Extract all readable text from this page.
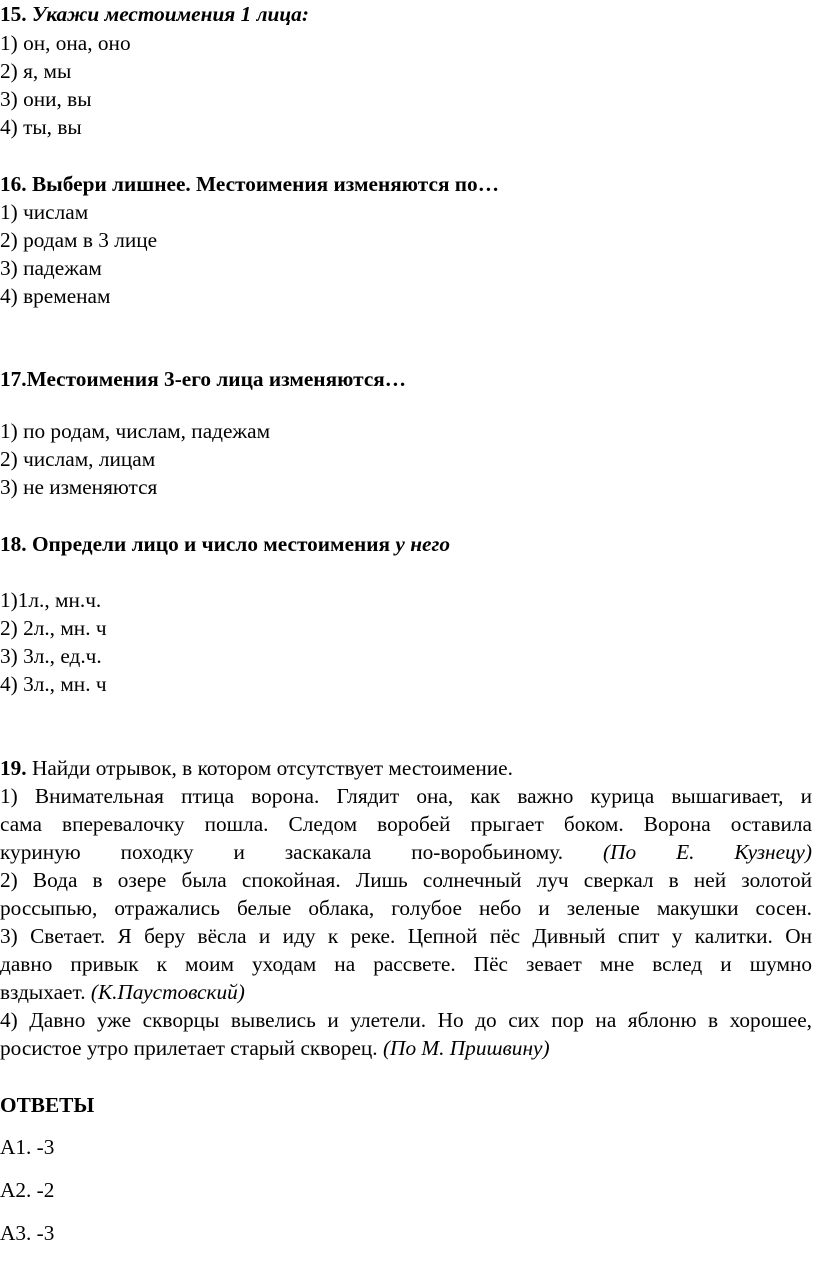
15. Укажи местоимения 1 лица:
1) он, она, оно
2) я, мы
3) они, вы
4) ты, вы
16. Выбери лишнее. Местоимения изменяются по…
1) числам
2) родам в 3 лице
3) падежам
4) временам
17.Местоимения 3-его лица изменяются…
1) по родам, числам, падежам
2) числам, лицам
3) не изменяются
18. Определи лицо и число местоимения у него
1)1л., мн.ч.
2) 2л., мн. ч
3) 3л., ед.ч.
4) 3л., мн. ч
19. Найди отрывок, в котором отсутствует местоимение.
1) Внимательная птица ворона. Глядит она, как важно курица вышагивает, и
сама вперевалочку пошла. Следом воробей прыгает боком. Ворона оставила
куриную походку и заскакала по-воробьиному. (По Е. Кузнецу)
2) Вода в озере была спокойная. Лишь солнечный луч сверкал в ней золотой
россыпью, отражались белые облака, голубое небо и зеленые макушки сосен.
3) Светает. Я беру вёсла и иду к реке. Цепной пёс Дивный спит у калитки. Он
давно привык к моим уходам на рассвете. Пёс зевает мне вслед и шумно
вздыхает. (К.Паустовский)
4) Давно уже скворцы вывелись и улетели. Но до сих пор на яблоню в хорошее,
росистое утро прилетает старый скворец. (По М. Пришвину)
ОТВЕТЫ
А1. -3
А2. -2
А3. -3
